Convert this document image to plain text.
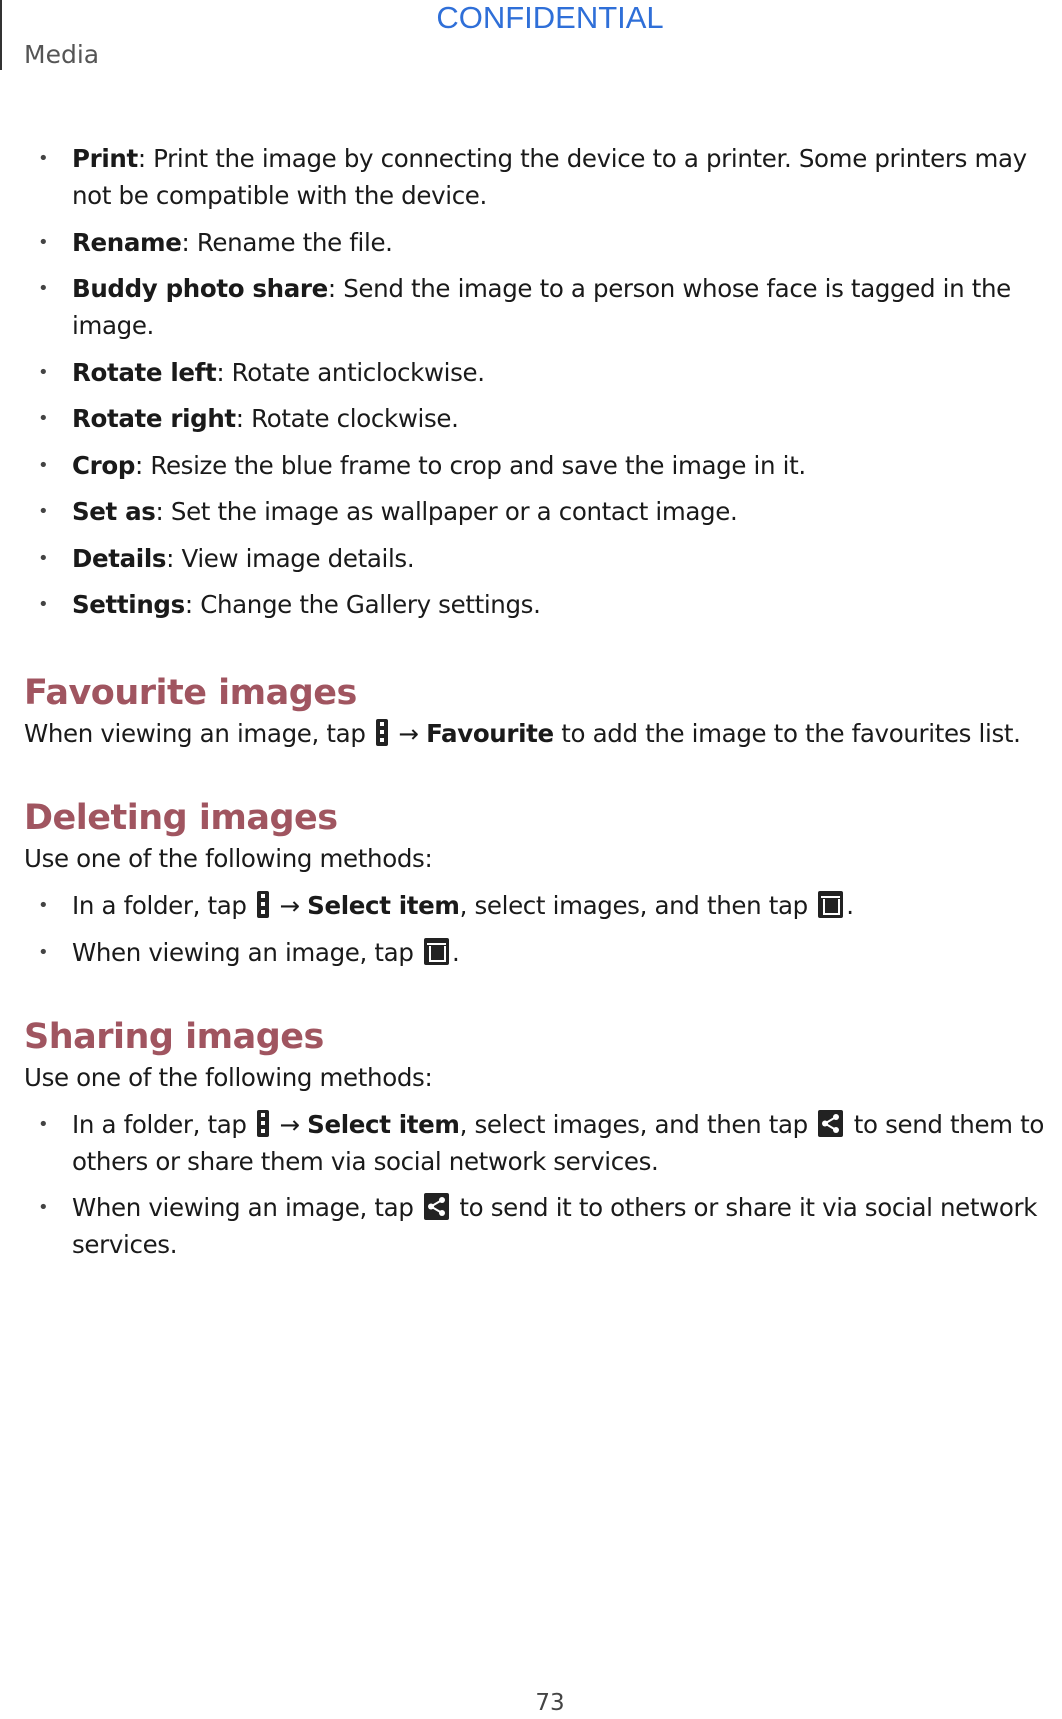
CONFIDENTIAL
Media
• Print: Print the image by connecting the device to a printer. Some printers may not be compatible with the device.
• Rename: Rename the file.
• Buddy photo share: Send the image to a person whose face is tagged in the image.
• Rotate left: Rotate anticlockwise.
• Rotate right: Rotate clockwise.
• Crop: Resize the blue frame to crop and save the image in it.
• Set as: Set the image as wallpaper or a contact image.
• Details: View image details.
• Settings: Change the Gallery settings.
Favourite images

When viewing an image, tap  → Favourite to add the image to the favourites list.

Deleting images

Use one of the following methods:

• In a folder, tap  → Select item, select images, and then tap .
• When viewing an image, tap .
Sharing images

Use one of the following methods:

• In a folder, tap  → Select item, select images, and then tap
to send them to others or share them via social network services.
• When viewing an image, tap
to send it to others or share it via social network services.
73
